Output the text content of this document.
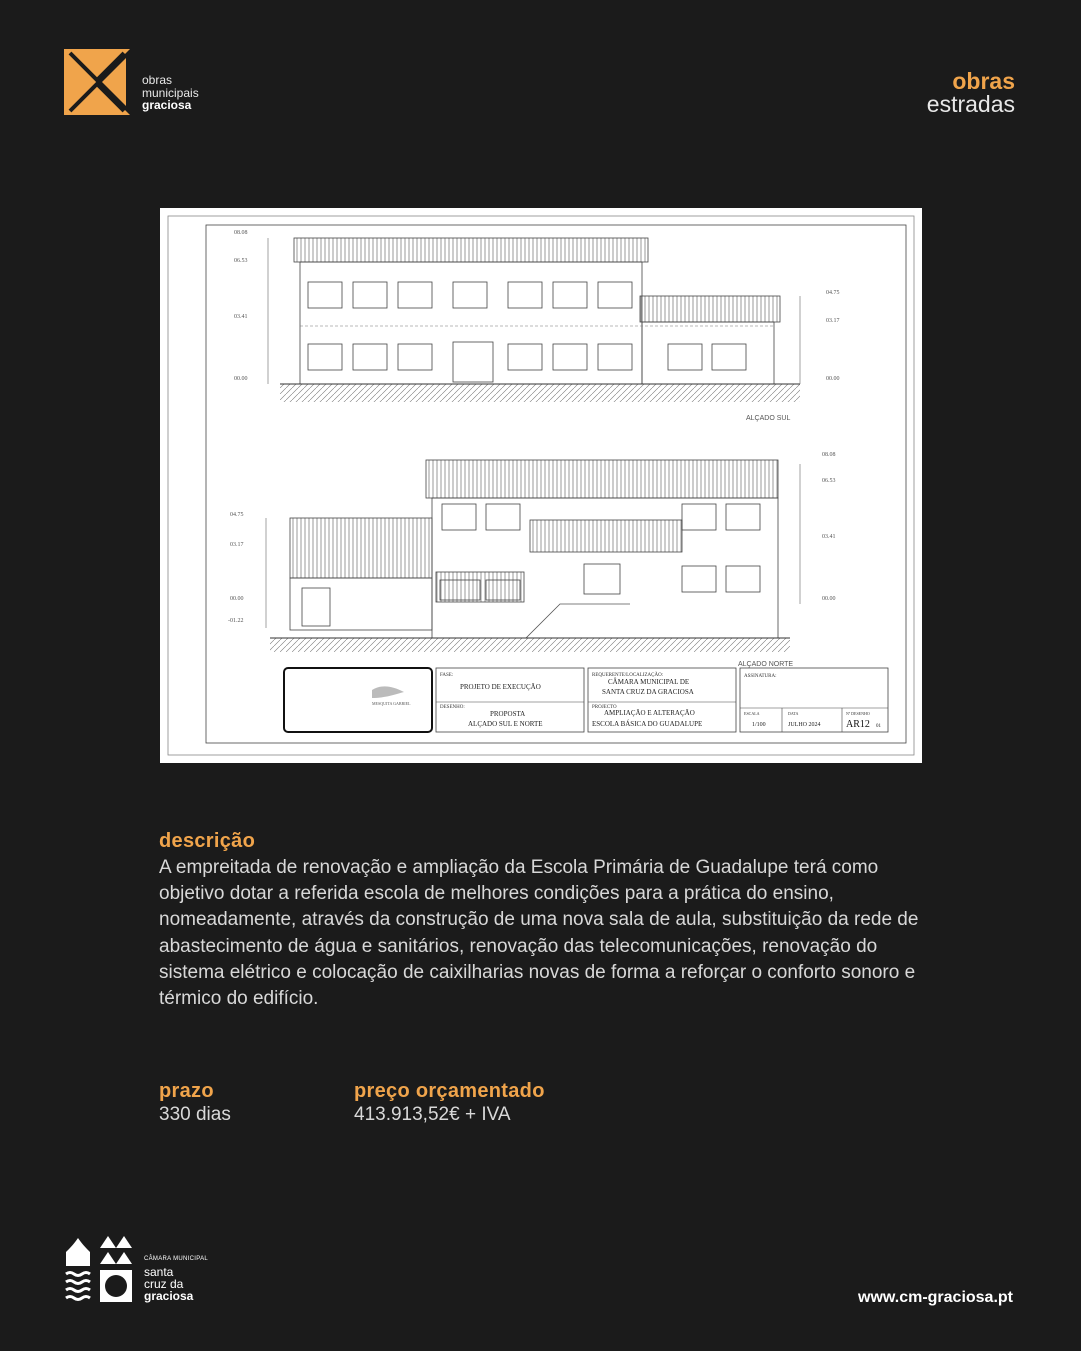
obras
municipais
graciosa
obras
estradas
08.08
06.53
03.41
00.00
04.75
03.17
00.00
ALÇADO SUL
04.75
03.17
00.00
-01.22
08.08
06.53
03.41
00.00
ALÇADO NORTE
MESQUITA GABRIEL
FASE:
PROJETO DE EXECUÇÃO
DESENHO:
PROPOSTA
ALÇADO SUL E NORTE
REQUERENTE/LOCALIZAÇÃO:
CÂMARA MUNICIPAL DE
SANTA CRUZ DA GRACIOSA
PROJECTO
AMPLIAÇÃO E ALTERAÇÃO
ESCOLA BÁSICA DO GUADALUPE
ASSINATURA:
ESCALA
1/100
DATA
JULHO 2024
Nº DESENHO
AR12 01
descrição
A empreitada de renovação e ampliação da Escola Primária de Guadalupe terá como objetivo dotar a referida escola de melhores condições para a prática do ensino, nomeadamente, através da construção de uma nova sala de aula, substituição da rede de abastecimento de água e sanitários, renovação das telecomunicações, renovação do sistema elétrico e colocação de caixilharias novas de forma a reforçar o conforto sonoro e térmico do edifício.
prazo
330 dias
preço orçamentado
413.913,52€ + IVA
CÂMARA MUNICIPAL
santa
cruz da
graciosa	www.cm-graciosa.pt
